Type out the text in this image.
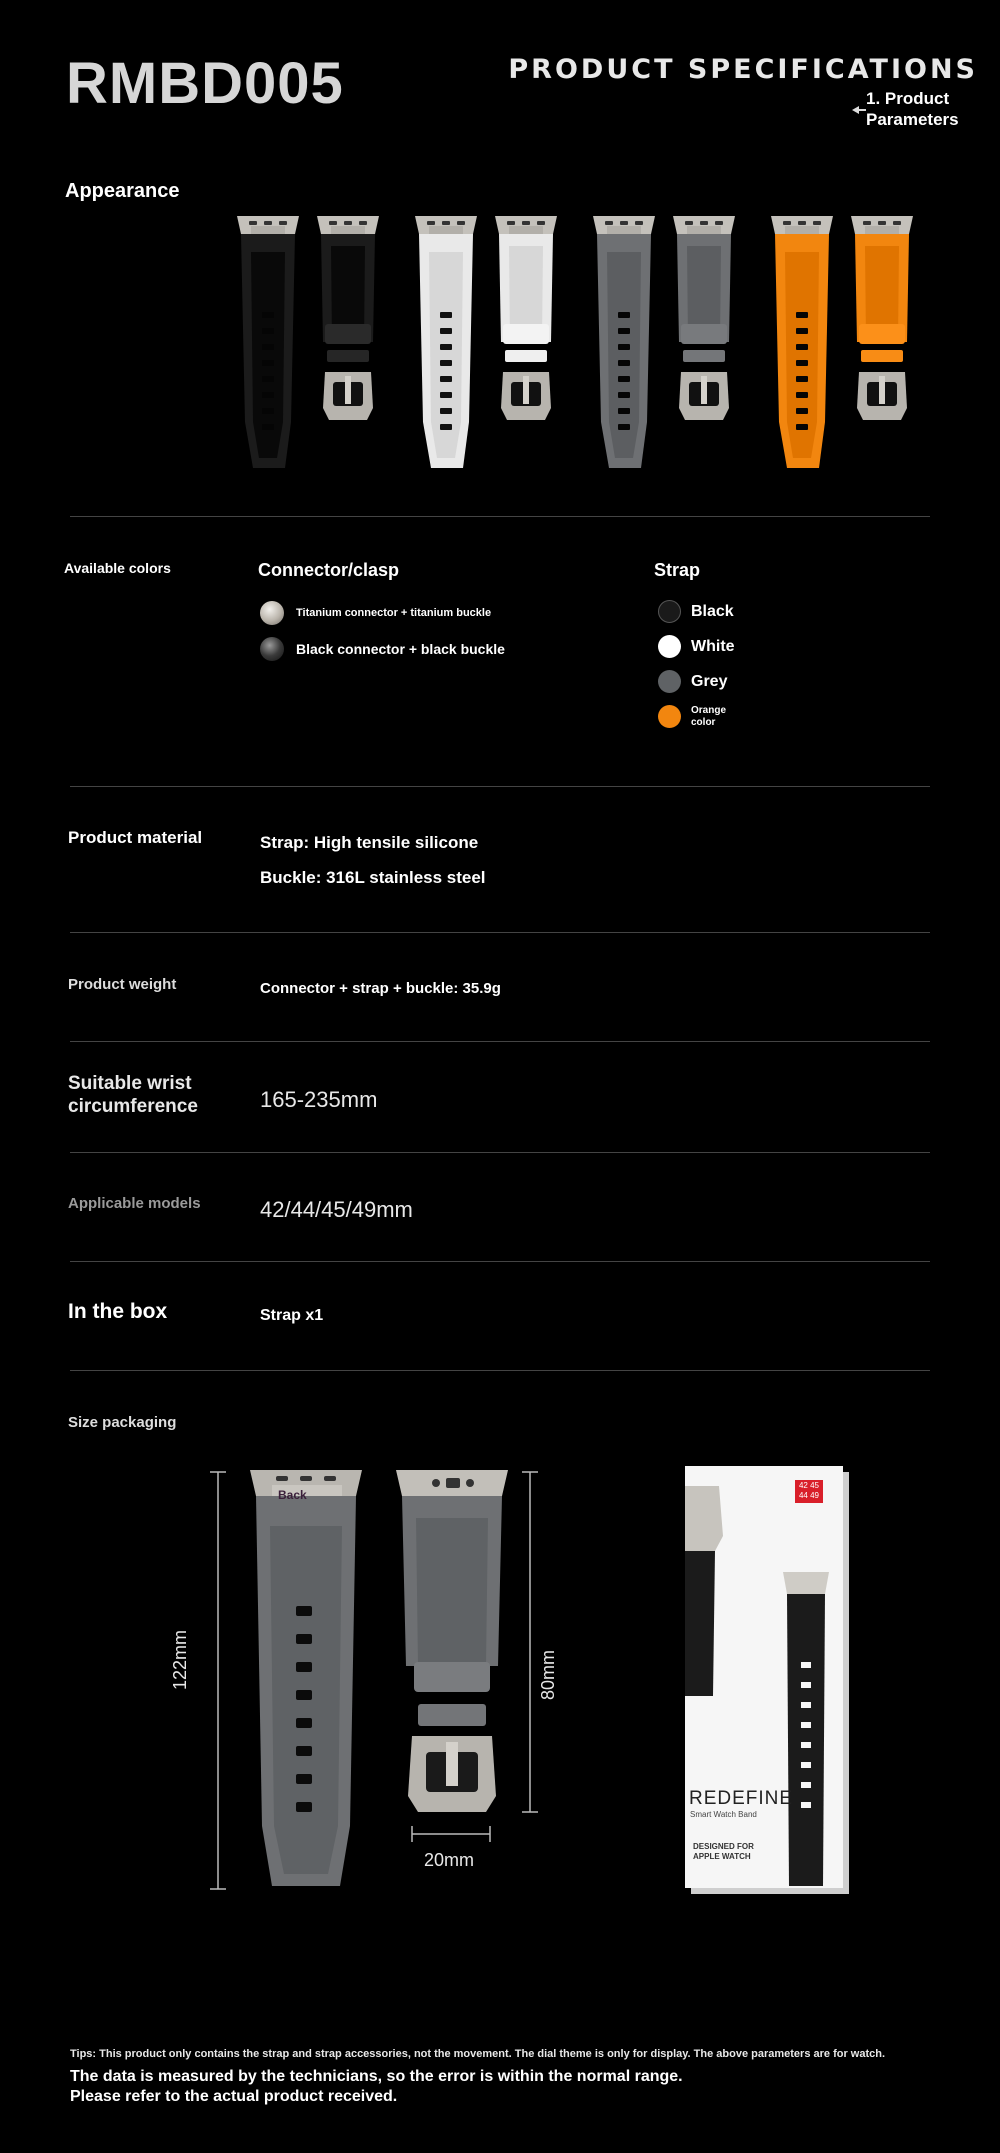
RMBD005	PRODUCT SPECIFICATIONS
1. Product
Parameters
Appearance
Available colors	Connector/clasp
Titanium connector + titanium buckle
Black connector + black buckle
Strap
Black
White
Grey
Orange
color
Product material	Strap: High tensile silicone
Buckle: 316L stainless steel
Product weight	Connector + strap + buckle: 35.9g
Suitable wrist
circumference	165-235mm
Applicable models	42/44/45/49mm
In the box	Strap x1
Size packaging
Back
122mm	80mm
20mm
42 45
44 49
REDEFINE
Smart Watch Band
DESIGNED FOR
APPLE WATCH
Tips: This product only contains the strap and strap accessories, not the movement. The dial theme is only for display. The above parameters are for watch.
The data is measured by the technicians, so the error is within the normal range.
Please refer to the actual product received.
